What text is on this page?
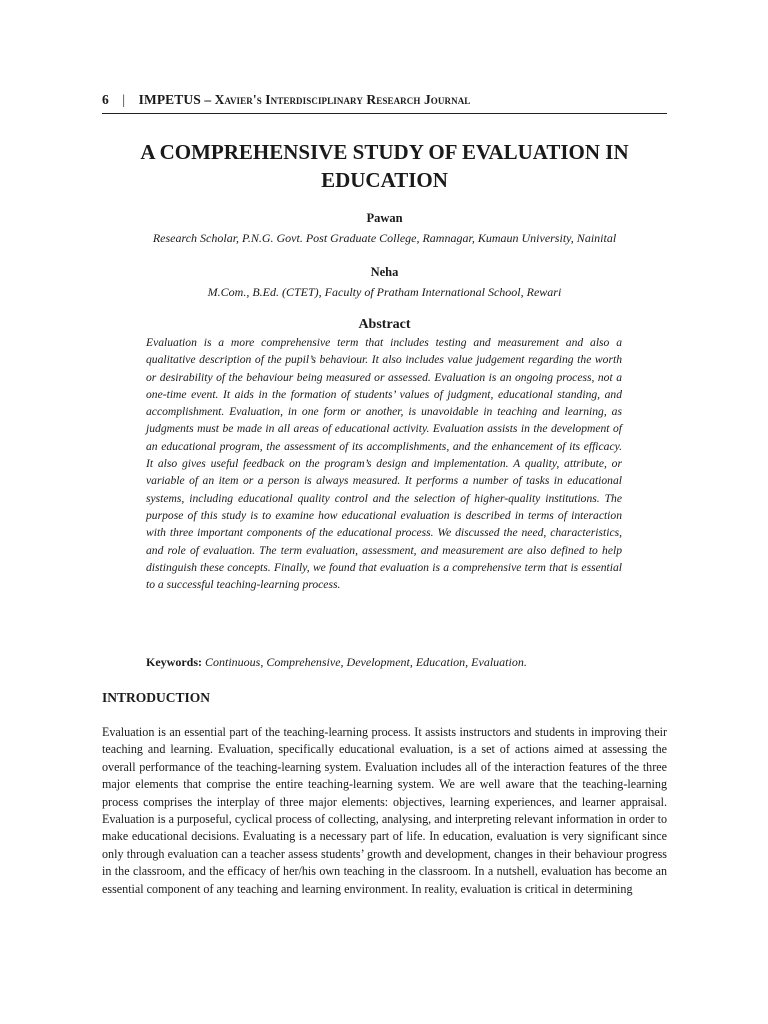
6 | IMPETUS – Xavier's Interdisciplinary Research Journal
A COMPREHENSIVE STUDY OF EVALUATION IN EDUCATION
Pawan
Research Scholar, P.N.G. Govt. Post Graduate College, Ramnagar, Kumaun University, Nainital
Neha
M.Com., B.Ed. (CTET), Faculty of Pratham International School, Rewari
Abstract

Evaluation is a more comprehensive term that includes testing and measurement and also a qualitative description of the pupil’s behaviour. It also includes value judgement regarding the worth or desirability of the behaviour being measured or assessed. Evaluation is an ongoing process, not a one-time event. It aids in the formation of students’ values of judgment, educational standing, and accomplishment. Evaluation, in one form or another, is unavoidable in teaching and learning, as judgments must be made in all areas of educational activity. Evaluation assists in the development of an educational program, the assessment of its accomplishments, and the enhancement of its efficacy. It also gives useful feedback on the program’s design and implementation. A quality, attribute, or variable of an item or a person is always measured. It performs a number of tasks in educational systems, including educational quality control and the selection of higher-quality institutions. The purpose of this study is to examine how educational evaluation is described in terms of interaction with three important components of the educational process. We discussed the need, characteristics, and role of evaluation. The term evaluation, assessment, and measurement are also defined to help distinguish these concepts. Finally, we found that evaluation is a comprehensive term that is essential to a successful teaching-learning process.

Keywords: Continuous, Comprehensive, Development, Education, Evaluation.
INTRODUCTION

Evaluation is an essential part of the teaching-learning process. It assists instructors and students in improving their teaching and learning. Evaluation, specifically educational evaluation, is a set of actions aimed at assessing the overall performance of the teaching-learning system. Evaluation includes all of the interaction features of the three major elements that comprise the entire teaching-learning system. We are well aware that the teaching-learning process comprises the interplay of three major elements: objectives, learning experiences, and learner appraisal. Evaluation is a purposeful, cyclical process of collecting, analysing, and interpreting relevant information in order to make educational decisions. Evaluating is a necessary part of life. In education, evaluation is very significant since only through evaluation can a teacher assess students’ growth and development, changes in their behaviour progress in the classroom, and the efficacy of her/his own teaching in the classroom. In a nutshell, evaluation has become an essential component of any teaching and learning environment. In reality, evaluation is critical in determining
